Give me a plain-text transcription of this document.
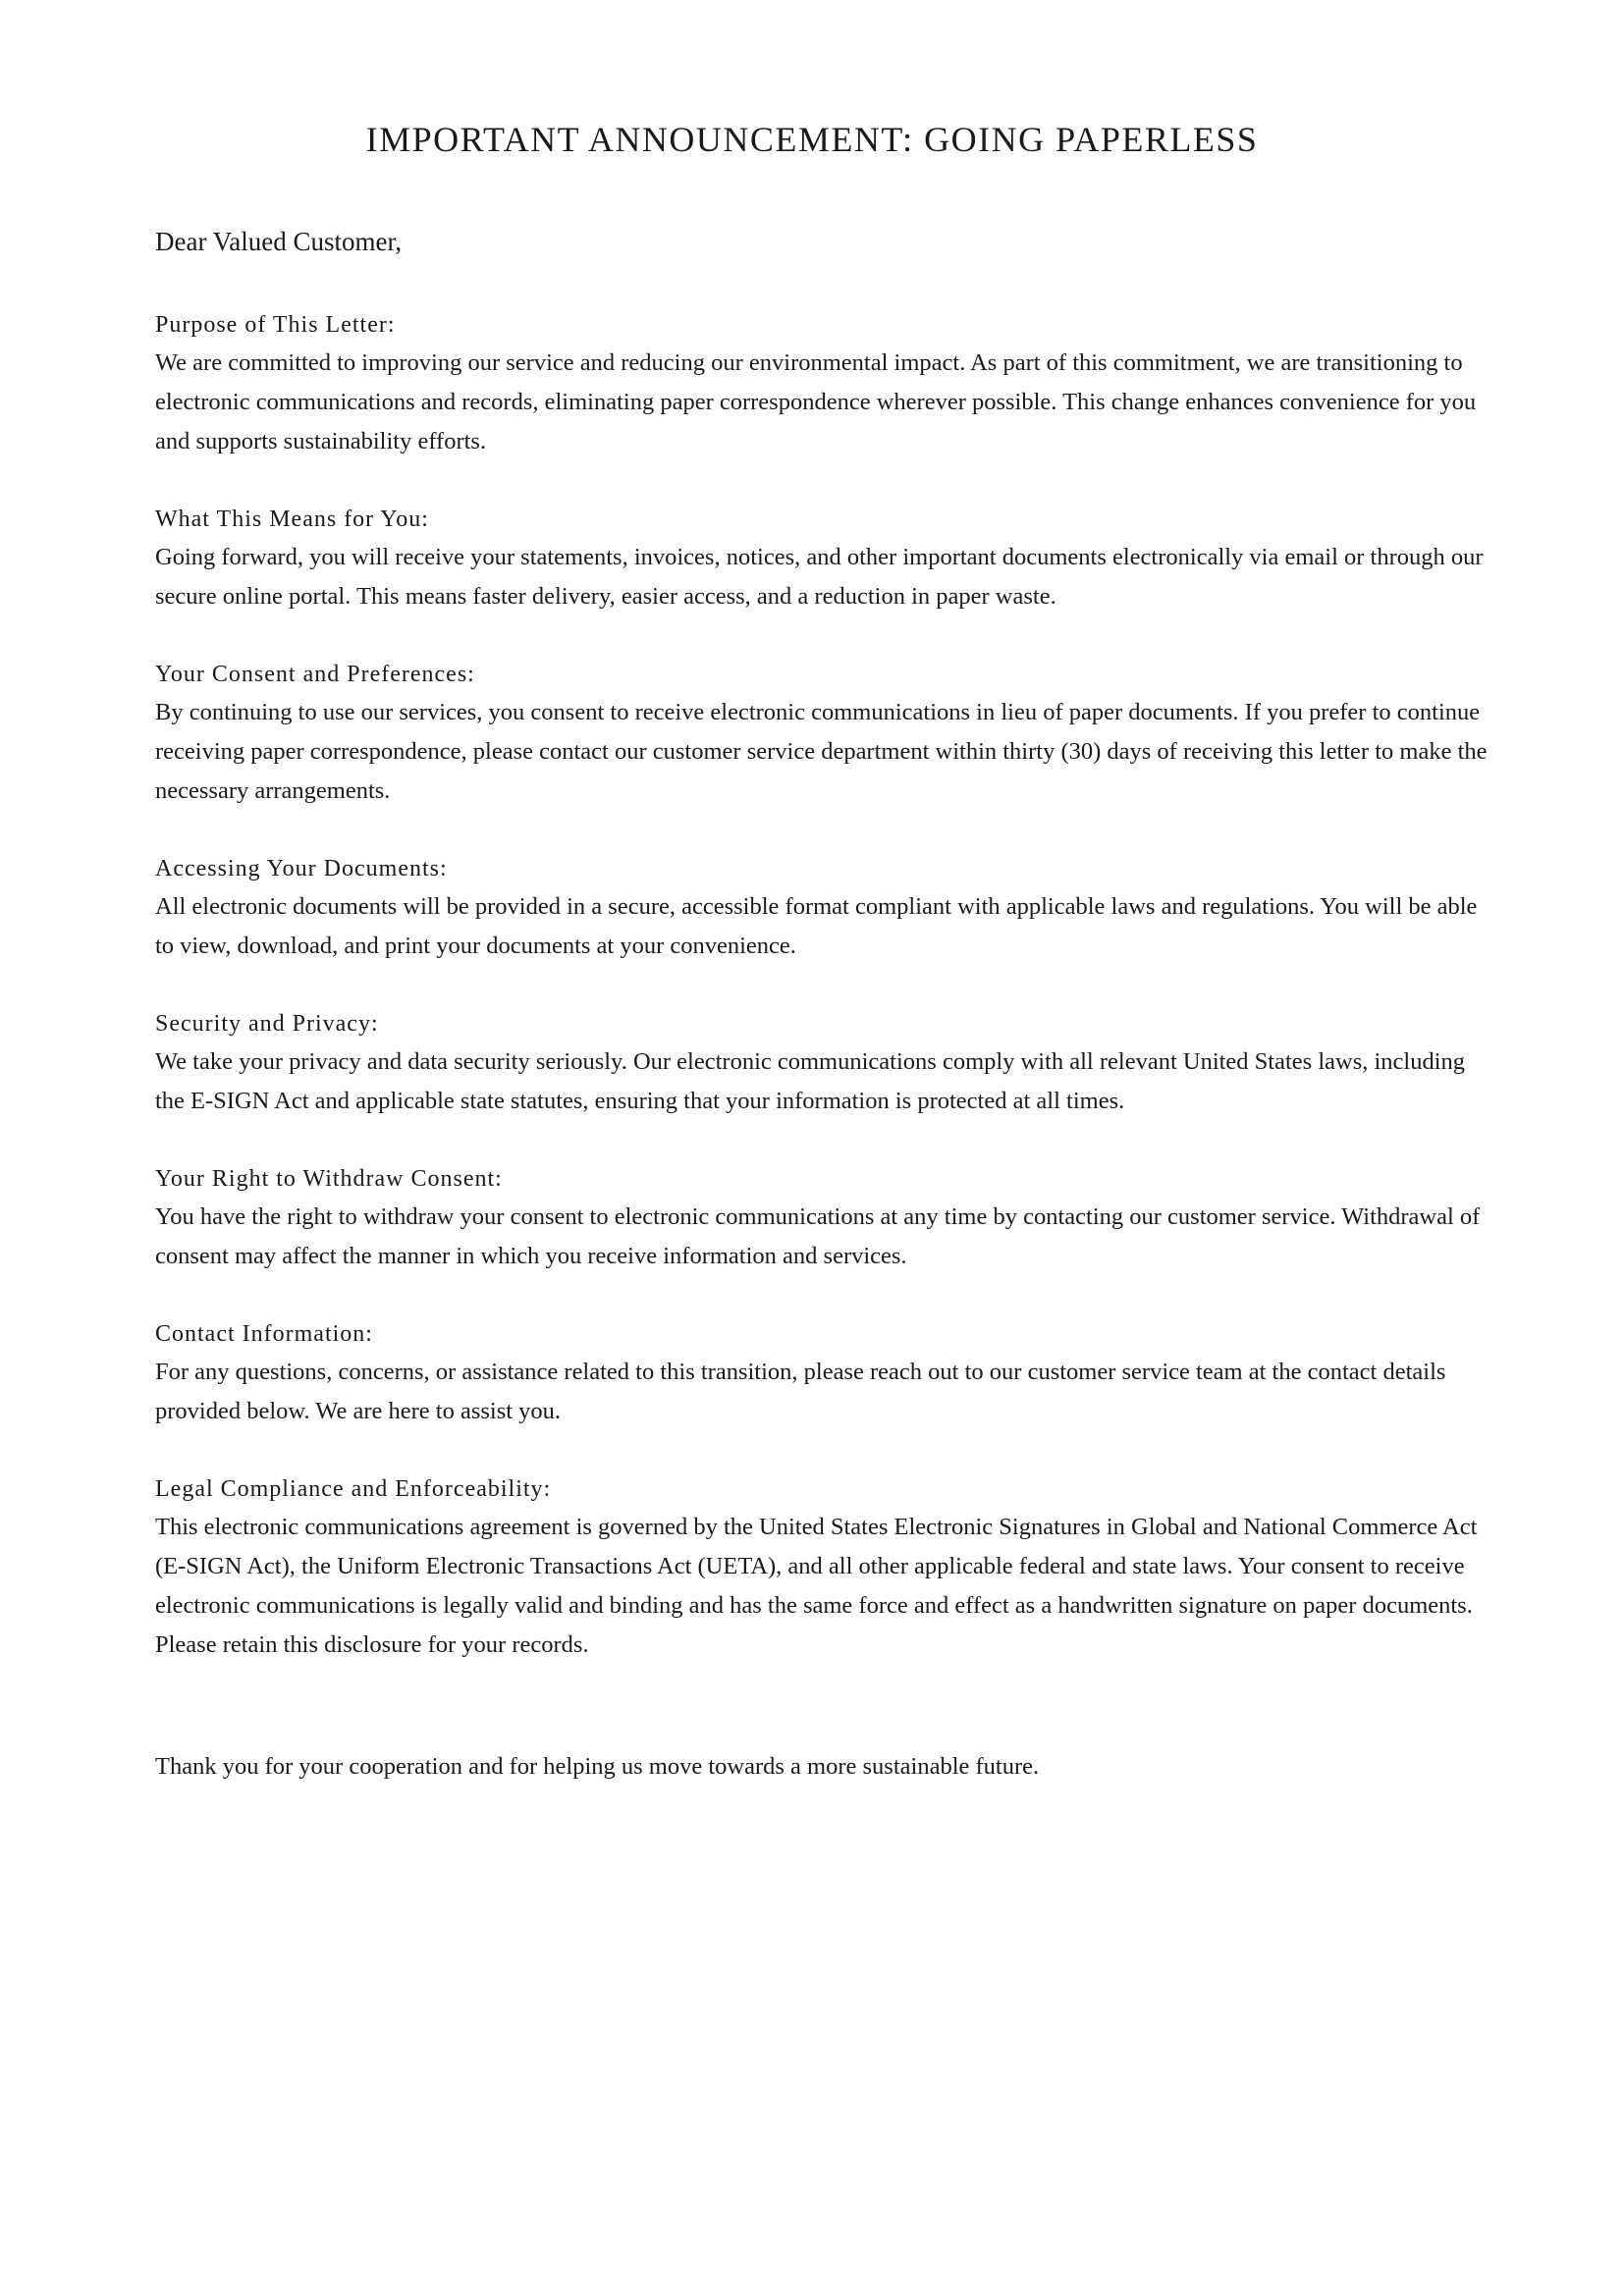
IMPORTANT ANNOUNCEMENT: GOING PAPERLESS

Dear Valued Customer,

Purpose of This Letter:

We are committed to improving our service and reducing our environmental impact. As part of this commitment, we are transitioning to electronic communications and records, eliminating paper correspondence wherever possible. This change enhances convenience for you and supports sustainability efforts.

What This Means for You:

Going forward, you will receive your statements, invoices, notices, and other important documents electronically via email or through our secure online portal. This means faster delivery, easier access, and a reduction in paper waste.

Your Consent and Preferences:

By continuing to use our services, you consent to receive electronic communications in lieu of paper documents. If you prefer to continue receiving paper correspondence, please contact our customer service department within thirty (30) days of receiving this letter to make the necessary arrangements.

Accessing Your Documents:

All electronic documents will be provided in a secure, accessible format compliant with applicable laws and regulations. You will be able to view, download, and print your documents at your convenience.

Security and Privacy:

We take your privacy and data security seriously. Our electronic communications comply with all relevant United States laws, including the E-SIGN Act and applicable state statutes, ensuring that your information is protected at all times.

Your Right to Withdraw Consent:

You have the right to withdraw your consent to electronic communications at any time by contacting our customer service. Withdrawal of consent may affect the manner in which you receive information and services.

Contact Information:

For any questions, concerns, or assistance related to this transition, please reach out to our customer service team at the contact details provided below. We are here to assist you.

Legal Compliance and Enforceability:

This electronic communications agreement is governed by the United States Electronic Signatures in Global and National Commerce Act (E-SIGN Act), the Uniform Electronic Transactions Act (UETA), and all other applicable federal and state laws. Your consent to receive electronic communications is legally valid and binding and has the same force and effect as a handwritten signature on paper documents. Please retain this disclosure for your records.

Thank you for your cooperation and for helping us move towards a more sustainable future.
